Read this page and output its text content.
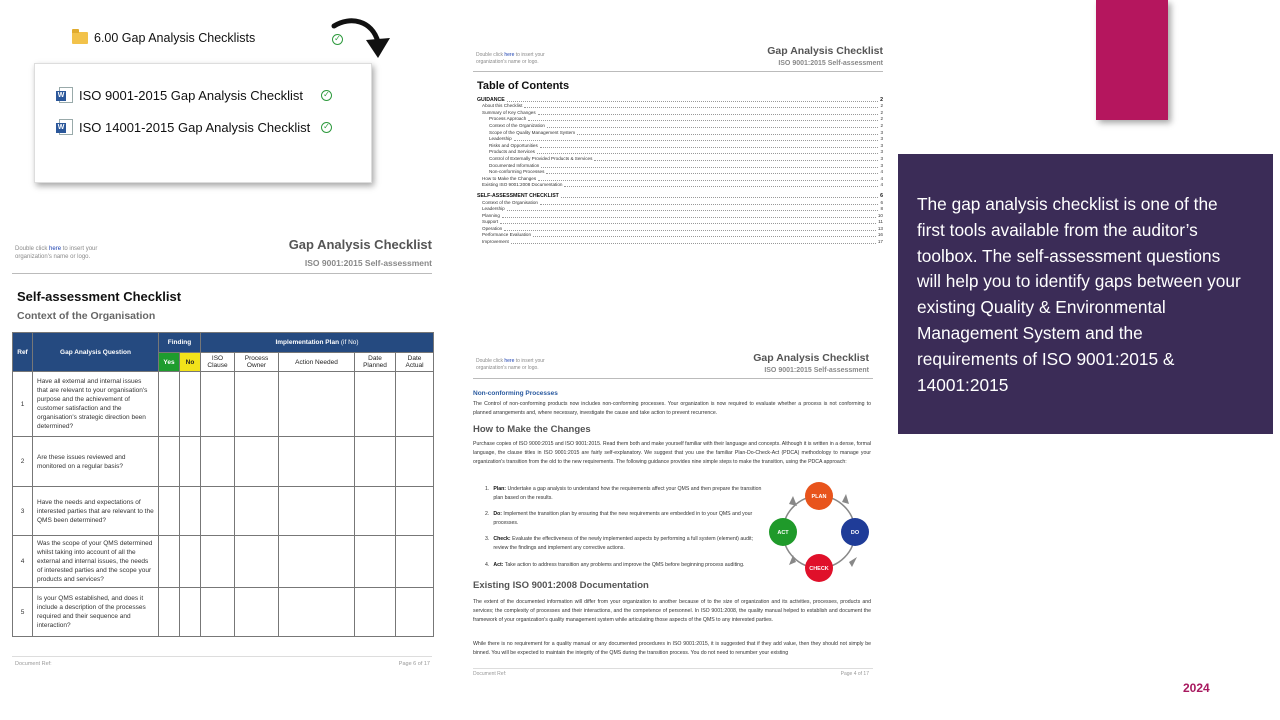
6.00 Gap Analysis Checklists	✓
W
ISO 9001-2015 Gap Analysis Checklist	✓
W
ISO 14001-2015 Gap Analysis Checklist ✓
Double click here to insert your organization's name or logo.
Gap Analysis Checklist
ISO 9001:2015 Self-assessment
Self-assessment Checklist
Context of the Organisation
Ref	Gap Analysis Question	Finding		Implementation Plan (if No)				
		Yes	No	ISO Clause	Process Owner	Action Needed	Date Planned	Date Actual
1	Have all external and internal issues that are relevant to your organisation's purpose and the achievement of customer satisfaction and the organisation's strategic direction been determined?							
2	Are these issues reviewed and monitored on a regular basis?							
3	Have the needs and expectations of interested parties that are relevant to the QMS been determined?							
4	Was the scope of your QMS determined whilst taking into account of all the external and internal issues, the needs of interested parties and the scope your products and services?							
5	Is your QMS established, and does it include a description of the processes required and their sequence and interaction?							
Document Ref:	Page 6 of 17
Double click here to insert your organization's name or logo.
Gap Analysis Checklist
ISO 9001:2015 Self-assessment
Table of Contents
GUIDANCE	2
About this Checklist	2
Summary of Key Changes	2
Process Approach	2
Context of the Organization	2
Scope of the Quality Management System	3
Leadership	3
Risks and Opportunities	3
Products and Services	3
Control of Externally Provided Products & Services	3
Documented Information	3
Non-conforming Processes	4
How to Make the Changes	4
Existing ISO 9001:2008 Documentation	4
SELF-ASSESSMENT CHECKLIST	6
Context of the Organisation	6
Leadership	8
Planning	10
Support	11
Operation	13
Performance Evaluation	16
Improvement	17
Double click here to insert your organization's name or logo.
Gap Analysis Checklist
ISO 9001:2015 Self-assessment
Non-conforming Processes
The Control of non-conforming products now includes non-conforming processes. Your organization is now required to evaluate whether a process is not conforming to planned arrangements and, where necessary, investigate the cause and take action to prevent recurrence.
How to Make the Changes
Purchase copies of ISO 9000:2015 and ISO 9001:2015. Read them both and make yourself familiar with their language and concepts. Although it is written in a dense, formal language, the clause titles in ISO 9001:2015 are fairly self-explanatory. We suggest that you use the familiar Plan-Do-Check-Act (PDCA) methodology to manage your organization's transition from the old to the new requirements. The following guidance provides nine simple steps to make the transition, using the PDCA approach:
1. Plan: Undertake a gap analysis to understand how the requirements affect your QMS and then prepare the transition plan based on the results.
2. Do: Implement the transition plan by ensuring that the new requirements are embedded in to your QMS and your processes.
3. Check: Evaluate the effectiveness of the newly implemented aspects by performing a full system (element) audit; review the findings and implement any corrective actions.
4. Act: Take action to address transition any problems and improve the QMS before beginning process auditing.
PLAN
DO
CHECK
ACT
Existing ISO 9001:2008 Documentation
The extent of the documented information will differ from your organization to another because of to the size of organization and its activities, processes, products and services; the complexity of processes and their interactions, and the competence of personnel. In ISO 9001:2008, the quality manual helped to establish and document the framework of your organization's quality management system while articulating those aspects of the QMS to any interested parties.
While there is no requirement for a quality manual or any documented procedures in ISO 9001:2015, it is suggested that if they add value, then they should not simply be binned. You will be expected to maintain the integrity of the QMS during the transition process. You do not need to renumber your existing
Document Ref:	Page 4 of 17

The gap analysis checklist is one of the first tools available from the auditor’s toolbox. The self-assessment questions will help you to identify gaps between your existing Quality & Environmental Management System and the requirements of ISO 9001:2015 & 14001:2015

2024
